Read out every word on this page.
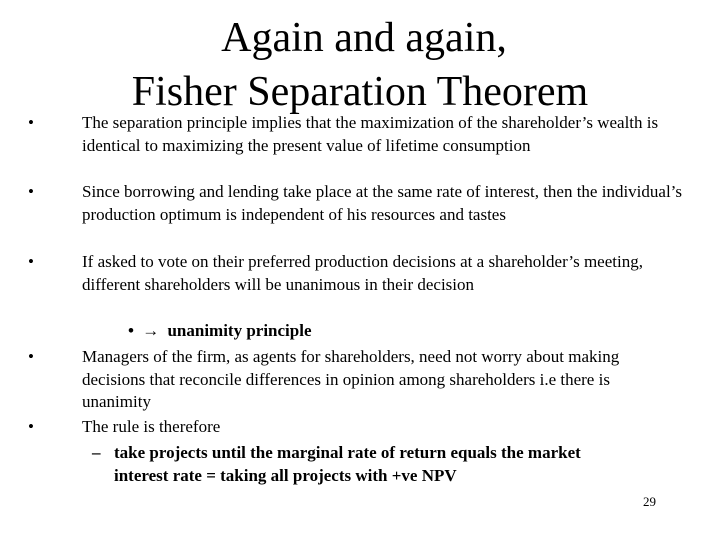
Again and again,
Fisher Separation Theorem
•	The separation principle implies that the maximization of the shareholder’s wealth is identical to maximizing the present value of lifetime consumption
•	Since borrowing and lending take place at the same rate of interest, then the individual’s production optimum is independent of his resources and tastes
•	If asked to vote on their preferred production decisions at a shareholder’s meeting, different shareholders will be unanimous in their decision
• → unanimity principle
•	Managers of the firm, as agents for shareholders, need not worry about making decisions that reconcile differences in opinion among shareholders i.e there is unanimity
•	The rule is therefore
– take projects until the marginal rate of return equals the market interest rate = taking all projects with +ve NPV
29
